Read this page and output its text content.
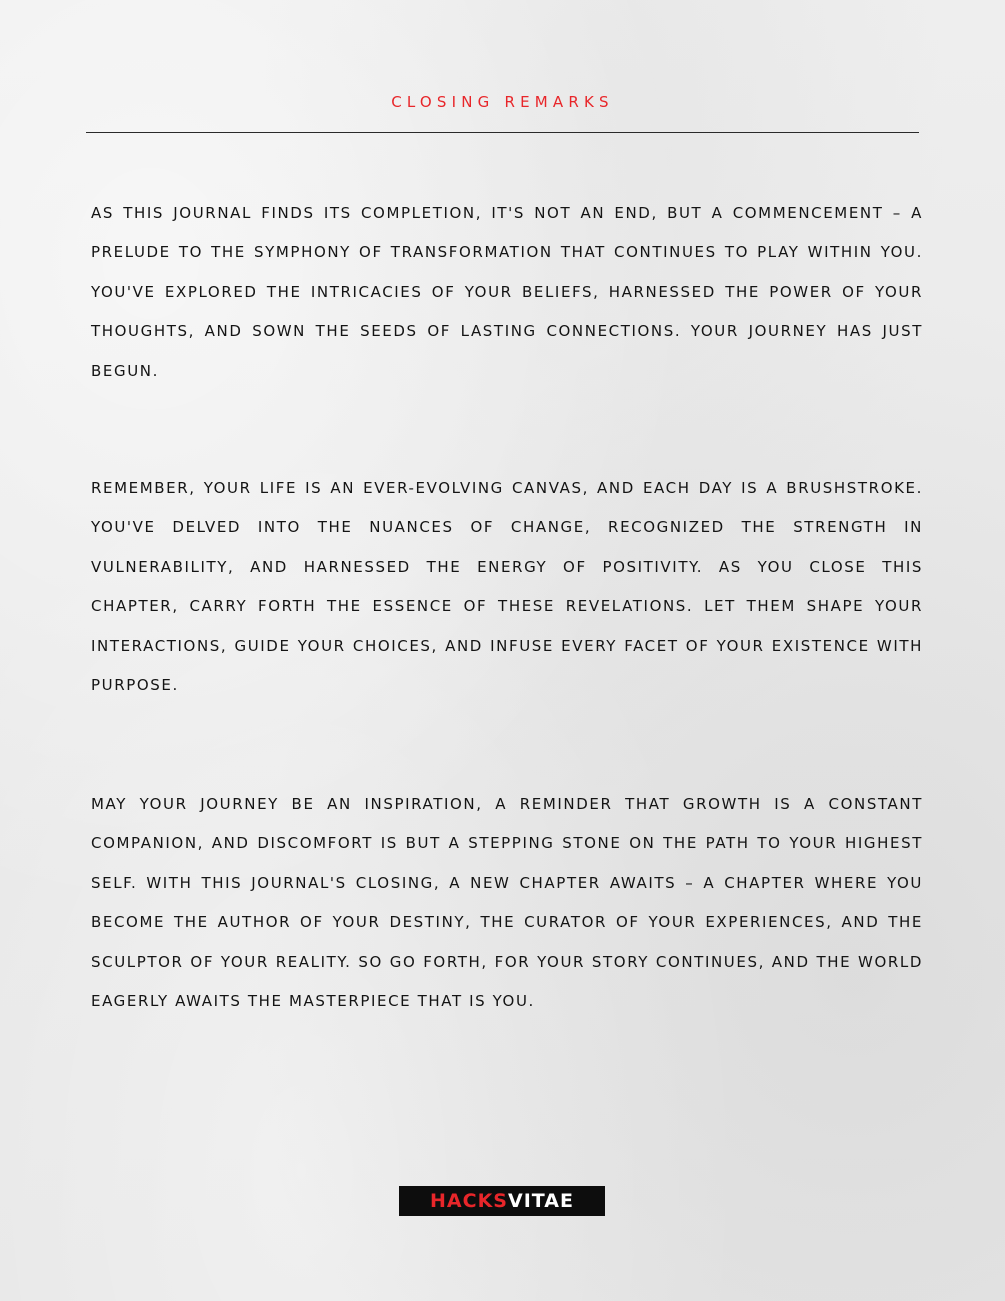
CLOSING REMARKS

AS THIS JOURNAL FINDS ITS COMPLETION, IT'S NOT AN END, BUT A COMMENCEMENT – A PRELUDE TO THE SYMPHONY OF TRANSFORMATION THAT CONTINUES TO PLAY WITHIN YOU. YOU'VE EXPLORED THE INTRICACIES OF YOUR BELIEFS, HARNESSED THE POWER OF YOUR THOUGHTS, AND SOWN THE SEEDS OF LASTING CONNECTIONS. YOUR JOURNEY HAS JUST BEGUN.

REMEMBER, YOUR LIFE IS AN EVER-EVOLVING CANVAS, AND EACH DAY IS A BRUSHSTROKE. YOU'VE DELVED INTO THE NUANCES OF CHANGE, RECOGNIZED THE STRENGTH IN VULNERABILITY, AND HARNESSED THE ENERGY OF POSITIVITY. AS YOU CLOSE THIS CHAPTER, CARRY FORTH THE ESSENCE OF THESE REVELATIONS. LET THEM SHAPE YOUR INTERACTIONS, GUIDE YOUR CHOICES, AND INFUSE EVERY FACET OF YOUR EXISTENCE WITH PURPOSE.

MAY YOUR JOURNEY BE AN INSPIRATION, A REMINDER THAT GROWTH IS A CONSTANT COMPANION, AND DISCOMFORT IS BUT A STEPPING STONE ON THE PATH TO YOUR HIGHEST SELF. WITH THIS JOURNAL'S CLOSING, A NEW CHAPTER AWAITS – A CHAPTER WHERE YOU BECOME THE AUTHOR OF YOUR DESTINY, THE CURATOR OF YOUR EXPERIENCES, AND THE SCULPTOR OF YOUR REALITY. SO GO FORTH, FOR YOUR STORY CONTINUES, AND THE WORLD EAGERLY AWAITS THE MASTERPIECE THAT IS YOU.

HACKS VITAE
